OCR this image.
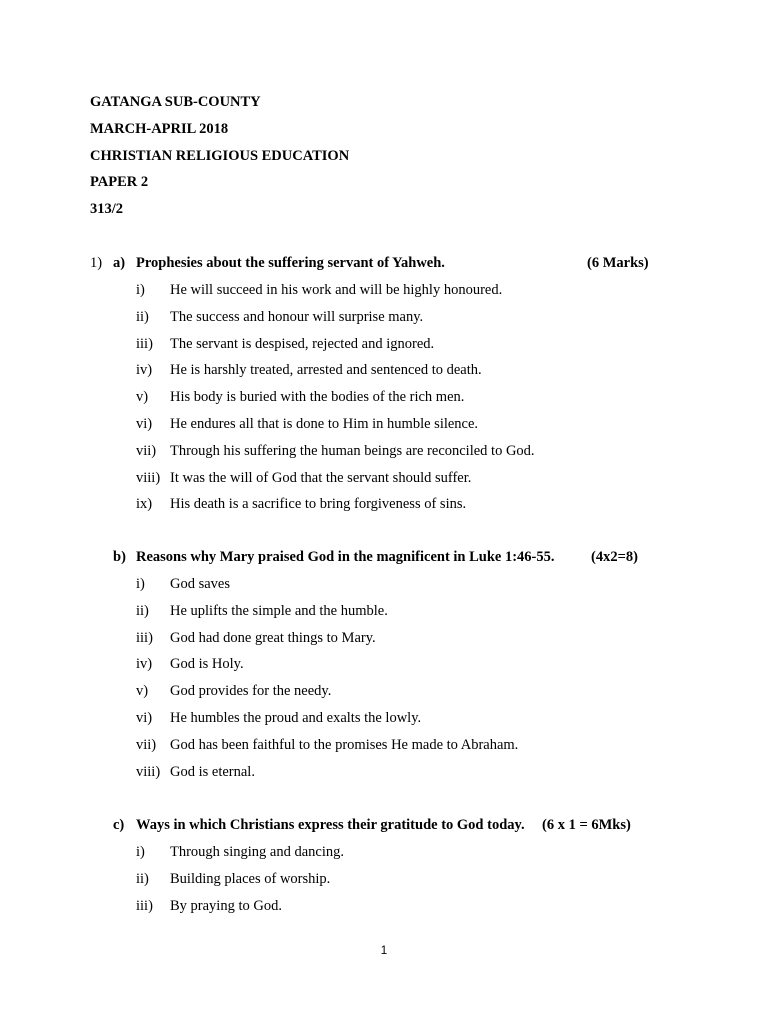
GATANGA SUB-COUNTY
MARCH-APRIL 2018
CHRISTIAN RELIGIOUS EDUCATION
PAPER 2
313/2
1) a) Prophesies about the suffering servant of Yahweh.	(6 Marks)
i) He will succeed in his work and will be highly honoured.
ii) The success and honour will surprise many.
iii) The servant is despised, rejected and ignored.
iv) He is harshly treated, arrested and sentenced to death.
v) His body is buried with the bodies of the rich men.
vi) He endures all that is done to Him in humble silence.
vii) Through his suffering the human beings are reconciled to God.
viii) It was the will of God that the servant should suffer.
ix) His death is a sacrifice to bring forgiveness of sins.
b) Reasons why Mary praised God in the magnificent in Luke 1:46-55.	(4x2=8)
i) God saves
ii) He uplifts the simple and the humble.
iii) God had done great things to Mary.
iv) God is Holy.
v) God provides for the needy.
vi) He humbles the proud and exalts the lowly.
vii) God has been faithful to the promises He made to Abraham.
viii) God is eternal.
c) Ways in which Christians express their gratitude to God today. (6 x 1 = 6Mks)
i) Through singing and dancing.
ii) Building places of worship.
iii) By praying to God.
1
